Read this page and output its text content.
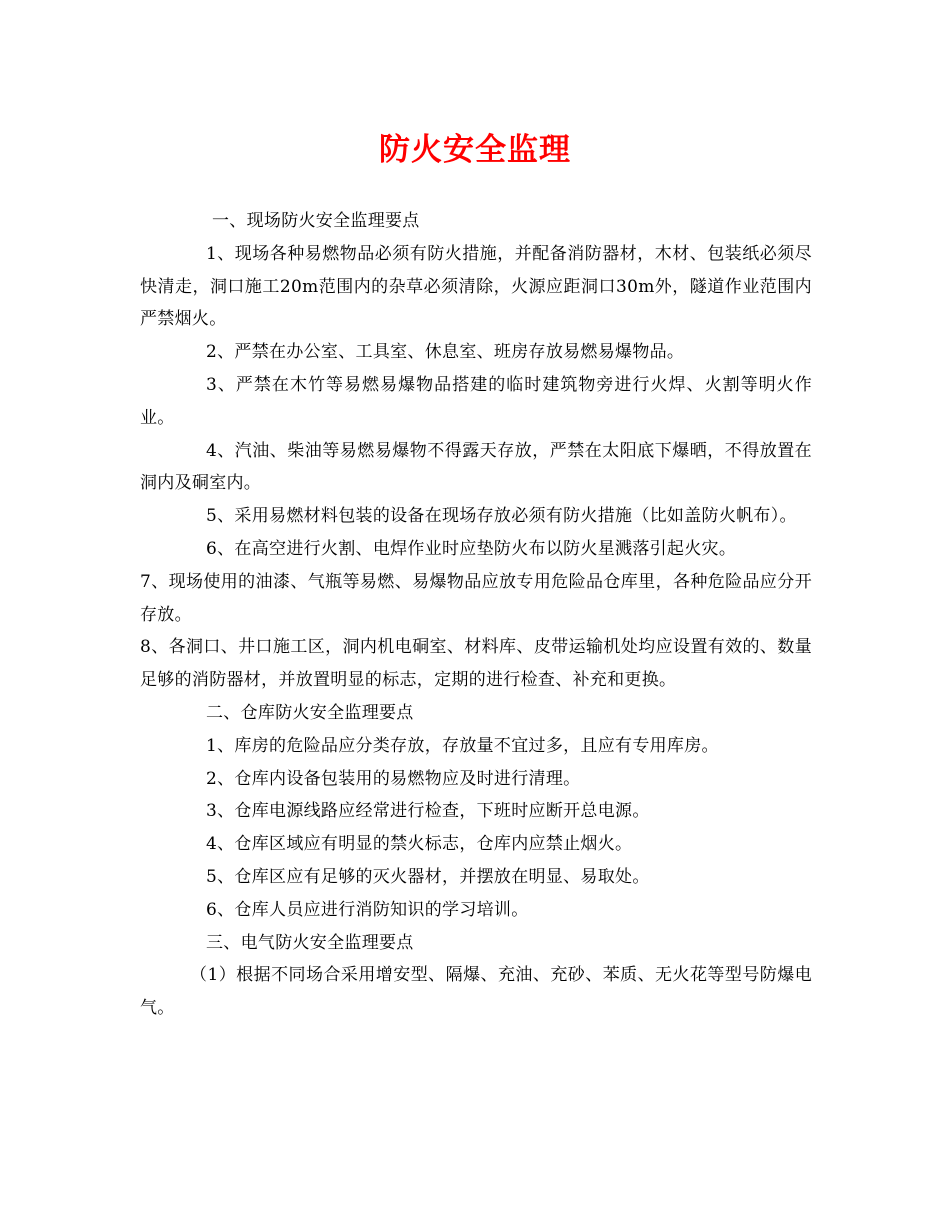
防火安全监理

一、现场防火安全监理要点

1、现场各种易燃物品必须有防火措施，并配备消防器材，木材、包装纸必须尽快清走，洞口施工20m范围内的杂草必须清除，火源应距洞口30m外，隧道作业范围内严禁烟火。

2、严禁在办公室、工具室、休息室、班房存放易燃易爆物品。

3、严禁在木竹等易燃易爆物品搭建的临时建筑物旁进行火焊、火割等明火作业。

4、汽油、柴油等易燃易爆物不得露天存放，严禁在太阳底下爆晒，不得放置在洞内及硐室内。

5、采用易燃材料包装的设备在现场存放必须有防火措施（比如盖防火帆布）。

6、在高空进行火割、电焊作业时应垫防火布以防火星溅落引起火灾。

7、现场使用的油漆、气瓶等易燃、易爆物品应放专用危险品仓库里，各种危险品应分开存放。

8、各洞口、井口施工区，洞内机电硐室、材料库、皮带运输机处均应设置有效的、数量足够的消防器材，并放置明显的标志，定期的进行检查、补充和更换。

二、仓库防火安全监理要点

1、库房的危险品应分类存放，存放量不宜过多，且应有专用库房。

2、仓库内设备包装用的易燃物应及时进行清理。

3、仓库电源线路应经常进行检查，下班时应断开总电源。

4、仓库区域应有明显的禁火标志，仓库内应禁止烟火。

5、仓库区应有足够的灭火器材，并摆放在明显、易取处。

6、仓库人员应进行消防知识的学习培训。

三、电气防火安全监理要点

（1）根据不同场合采用增安型、隔爆、充油、充砂、苯质、无火花等型号防爆电气。
